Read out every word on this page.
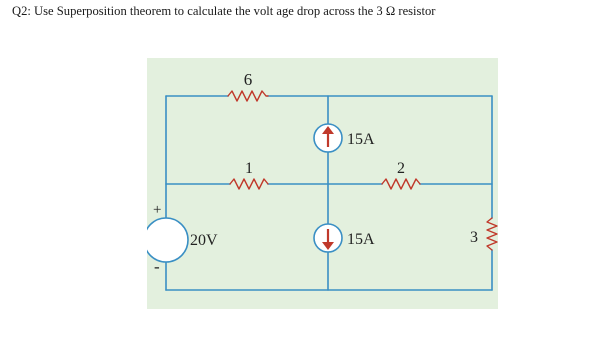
Q2: Use Superposition theorem to calculate the volt age drop across the 3 Ω resistor
6
1	2
3
15A
15A
20V
+
-
